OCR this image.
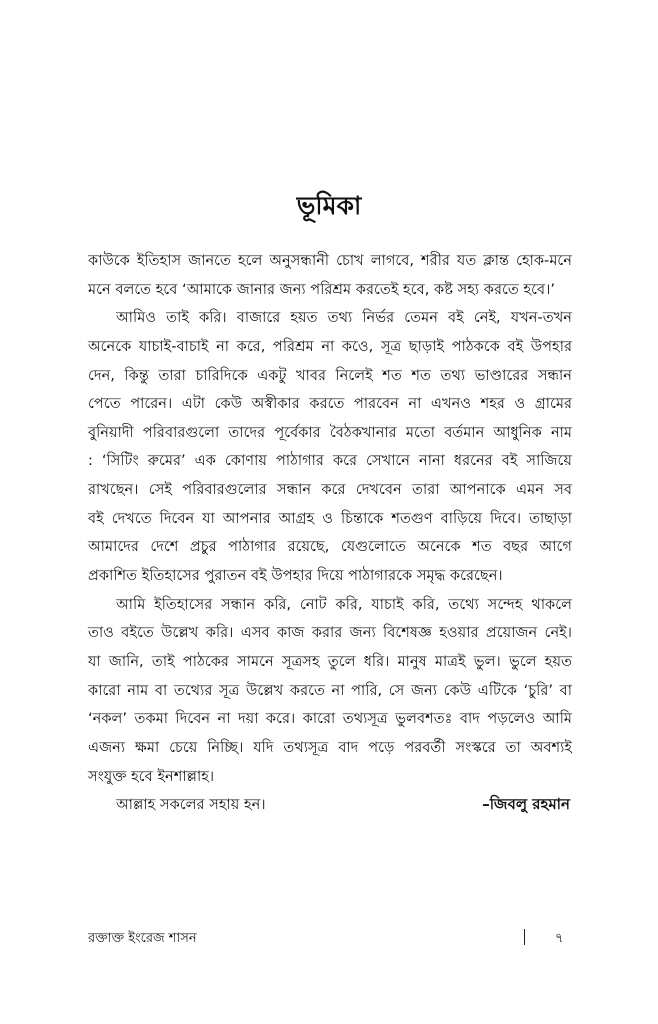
ভূমিকা
কাউকে ইতিহাস জানতে হলে অনুসন্ধানী চোখ লাগবে, শরীর যত ক্লান্ত হোক-মনে
মনে বলতে হবে ‘আমাকে জানার জন্য পরিশ্রম করতেই হবে, কষ্ট সহ্য করতে হবে।’
আমিও তাই করি। বাজারে হয়ত তথ্য নির্ভর তেমন বই নেই, যখন-তখন
অনেকে যাচাই-বাচাই না করে, পরিশ্রম না কওে, সূত্র ছাড়াই পাঠককে বই উপহার
দেন, কিন্তু তারা চারিদিকে একটু খাবর নিলেই শত শত তথ্য ভাণ্ডারের সন্ধান
পেতে পারেন। এটা কেউ অস্বীকার করতে পারবেন না এখনও শহর ও গ্রামের
বুনিয়াদী পরিবারগুলো তাদের পূর্বেকার বৈঠকখানার মতো বর্তমান আধুনিক নাম
: ‘সিটিং রুমের’ এক কোণায় পাঠাগার করে সেখানে নানা ধরনের বই সাজিয়ে
রাখছেন। সেই পরিবারগুলোর সন্ধান করে দেখবেন তারা আপনাকে এমন সব
বই দেখতে দিবেন যা আপনার আগ্রহ ও চিন্তাকে শতগুণ বাড়িয়ে দিবে। তাছাড়া
আমাদের দেশে প্রচুর পাঠাগার রয়েছে, যেগুলোতে অনেকে শত বছর আগে
প্রকাশিত ইতিহাসের পুরাতন বই উপহার দিয়ে পাঠাগারকে সমৃদ্ধ করেছেন।
আমি ইতিহাসের সন্ধান করি, নোট করি, যাচাই করি, তথ্যে সন্দেহ থাকলে
তাও বইতে উল্লেখ করি। এসব কাজ করার জন্য বিশেষজ্ঞ হওয়ার প্রয়োজন নেই।
যা জানি, তাই পাঠকের সামনে সূত্রসহ তুলে ধরি। মানুষ মাত্রই ভুল। ভুলে হয়ত
কারো নাম বা তথ্যের সূত্র উল্লেখ করতে না পারি, সে জন্য কেউ এটিকে ‘চুরি’ বা
‘নকল’ তকমা দিবেন না দয়া করে। কারো তথ্যসূত্র ভুলবশতঃ বাদ পড়লেও আমি
এজন্য ক্ষমা চেয়ে নিচ্ছি। যদি তথ্যসূত্র বাদ পড়ে পরবর্তী সংস্করে তা অবশ্যই
সংযুক্ত হবে ইনশাল্লাহ।
আল্লাহ সকলের সহায় হন।	–জিবলু রহমান
রক্তাক্ত ইংরেজ শাসন	৭
